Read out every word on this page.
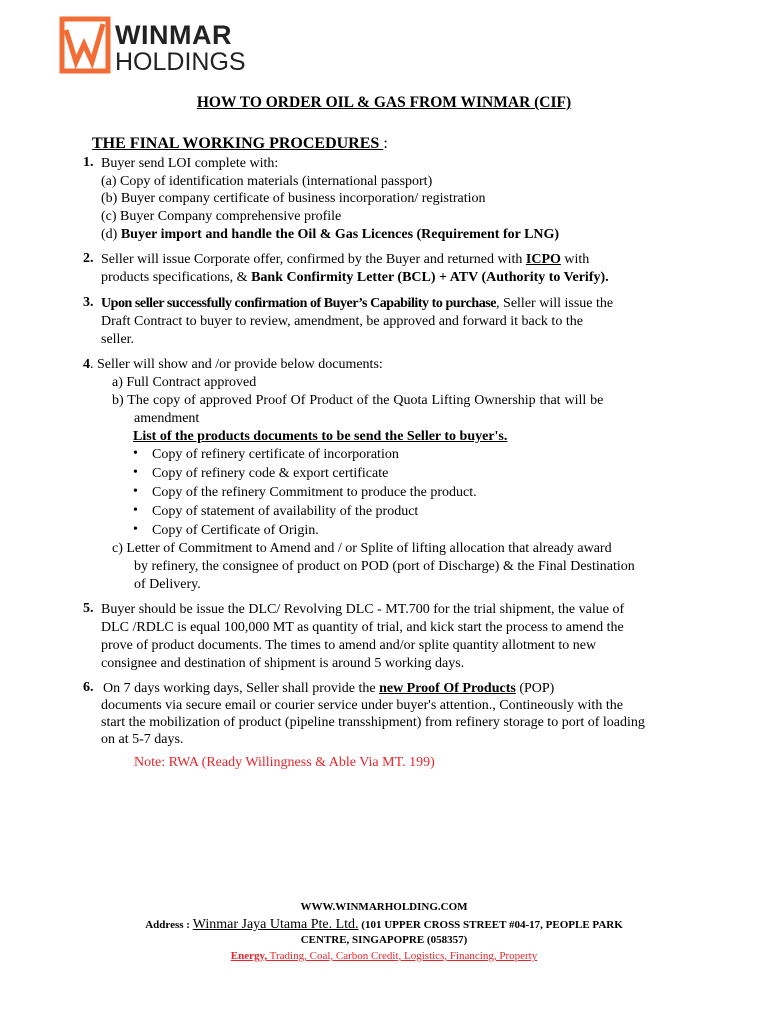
WINMAR
HOLDINGS
HOW TO ORDER OIL & GAS FROM WINMAR (CIF)
THE FINAL WORKING PROCEDURES :
1. Buyer send LOI complete with:
(a) Copy of identification materials (international passport)
(b) Buyer company certificate of business incorporation/ registration
(c) Buyer Company comprehensive profile
(d) Buyer import and handle the Oil & Gas Licences (Requirement for LNG)
2. Seller will issue Corporate offer, confirmed by the Buyer and returned with ICPO with
products specifications, & Bank Confirmity Letter (BCL) + ATV (Authority to Verify).
3. Upon seller successfully confirmation of Buyer’s Capability to purchase, Seller will issue the
Draft Contract to buyer to review, amendment, be approved and forward it back to the
seller.
4. Seller will show and /or provide below documents:
a) Full Contract approved
b) The copy of approved Proof Of Product of the Quota Lifting Ownership that will be
amendment
List of the products documents to be send the Seller to buyer's.
• Copy of refinery certificate of incorporation
• Copy of refinery code & export certificate
• Copy of the refinery Commitment to produce the product.
• Copy of statement of availability of the product
• Copy of Certificate of Origin.
c) Letter of Commitment to Amend and / or Splite of lifting allocation that already award
by refinery, the consignee of product on POD (port of Discharge) & the Final Destination
of Delivery.
5. Buyer should be issue the DLC/ Revolving DLC - MT.700 for the trial shipment, the value of
DLC /RDLC is equal 100,000 MT as quantity of trial, and kick start the process to amend the
prove of product documents. The times to amend and/or splite quantity allotment to new
consignee and destination of shipment is around 5 working days.
6. On 7 days working days, Seller shall provide the new Proof Of Products (POP)
documents via secure email or courier service under buyer's attention., Contineously with the
start the mobilization of product (pipeline transshipment) from refinery storage to port of loading
on at 5-7 days.
Note: RWA (Ready Willingness & Able Via MT. 199)
WWW.WINMARHOLDING.COM
Address : Winmar Jaya Utama Pte. Ltd. (101 UPPER CROSS STREET #04-17, PEOPLE PARK
CENTRE, SINGAPOPRE (058357)
Energy, Trading, Coal, Carbon Credit, Logistics, Financing, Property
